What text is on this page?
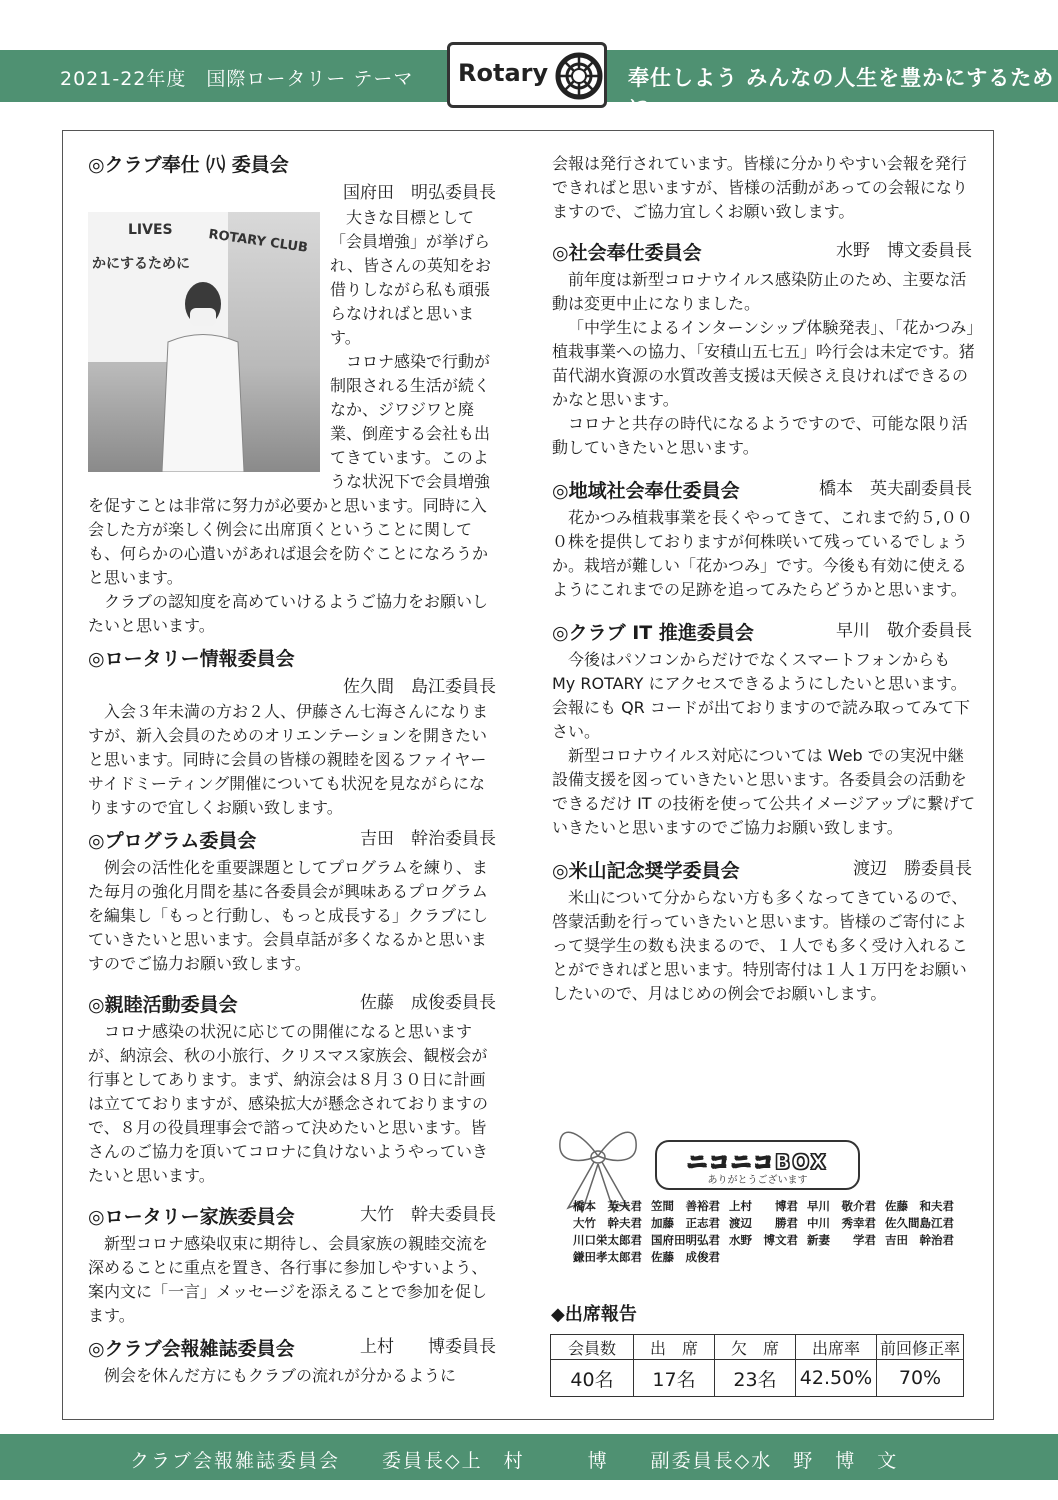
2021-22年度　国際ロータリー テーマ	奉仕しよう みんなの人生を豊かにするために
Rotary
◎クラブ奉仕 ㈧ 委員会
国府田　明弘委員長
LIVES
かにするために
ROTARY CLUB

大きな目標として「会員増強」が挙げられ、皆さんの英知をお借りしながら私も頑張らなければと思います。

コロナ感染で行動が制限される生活が続くなか、ジワジワと廃業、倒産する会社も出てきています。このような状況下で会員増強を促すことは非常に努力が必要かと思います。同時に入会した方が楽しく例会に出席頂くということに関しても、何らかの心遣いがあれば退会を防ぐことになろうかと思います。

クラブの認知度を高めていけるようご協力をお願いしたいと思います。

◎ロータリー情報委員会
佐久間　島江委員長

入会３年未満の方お２人、伊藤さん七海さんになりますが、新入会員のためのオリエンテーションを開きたいと思います。同時に会員の皆様の親睦を図るファイヤーサイドミーティング開催についても状況を見ながらになりますので宜しくお願い致します。

◎プログラム委員会	吉田　幹治委員長

例会の活性化を重要課題としてプログラムを練り、また毎月の強化月間を基に各委員会が興味あるプログラムを編集し「もっと行動し、もっと成長する」クラブにしていきたいと思います。会員卓話が多くなるかと思いますのでご協力お願い致します。

◎親睦活動委員会	佐藤　成俊委員長

コロナ感染の状況に応じての開催になると思いますが、納涼会、秋の小旅行、クリスマス家族会、観桜会が行事としてあります。まず、納涼会は８月３０日に計画は立てておりますが、感染拡大が懸念されておりますので、８月の役員理事会で諮って決めたいと思います。皆さんのご協力を頂いてコロナに負けないようやっていきたいと思います。

◎ロータリー家族委員会	大竹　幹夫委員長

新型コロナ感染収束に期待し、会員家族の親睦交流を深めることに重点を置き、各行事に参加しやすいよう、案内文に「一言」メッセージを添えることで参加を促します。

◎クラブ会報雑誌委員会	上村　　博委員長

例会を休んだ方にもクラブの流れが分かるように

会報は発行されています。皆様に分かりやすい会報を発行できればと思いますが、皆様の活動があっての会報になりますので、ご協力宜しくお願い致します。

◎社会奉仕委員会	水野　博文委員長

前年度は新型コロナウイルス感染防止のため、主要な活動は変更中止になりました。

「中学生によるインターンシップ体験発表」、「花かつみ」植栽事業への協力、「安積山五七五」吟行会は未定です。猪苗代湖水資源の水質改善支援は天候さえ良ければできるのかなと思います。

コロナと共存の時代になるようですので、可能な限り活動していきたいと思います。

◎地域社会奉仕委員会	橋本　英夫副委員長

花かつみ植栽事業を長くやってきて、これまで約５,０００株を提供しておりますが何株咲いて残っているでしょうか。栽培が難しい「花かつみ」です。今後も有効に使えるようにこれまでの足跡を追ってみたらどうかと思います。

◎クラブ IT 推進委員会	早川　敬介委員長

今後はパソコンからだけでなくスマートフォンからも My ROTARY にアクセスできるようにしたいと思います。会報にも QR コードが出ておりますので読み取ってみて下さい。

新型コロナウイルス対応については Web での実況中継設備支援を図っていきたいと思います。各委員会の活動をできるだけ IT の技術を使って公共イメージアップに繋げていきたいと思いますのでご協力お願い致します。

◎米山記念奨学委員会	渡辺　勝委員長

米山について分からない方も多くなってきているので、啓蒙活動を行っていきたいと思います。皆様のご寄付によって奨学生の数も決まるので、１人でも多く受け入れることができればと思います。特別寄付は１人１万円をお願いしたいので、月はじめの例会でお願いします。

ニコニコBOX
ありがとうございます
橋本　英夫君 笠間　善裕君 上村　　博君 早川　敬介君 佐藤　和夫君
大竹　幹夫君 加藤　正志君 渡辺　　勝君 中川　秀幸君 佐久間島江君
川口栄太郎君 国府田明弘君 水野　博文君 新妻　　学君 吉田　幹治君
鎌田孝太郎君 佐藤　成俊君
◆出席報告
会員数	出　席	欠　席	出席率	前回修正率
40名	17名	23名	42.50%	70%
クラブ会報雑誌委員会　　委員長◇上　村　　　博　　副委員長◇水　野　博　文
